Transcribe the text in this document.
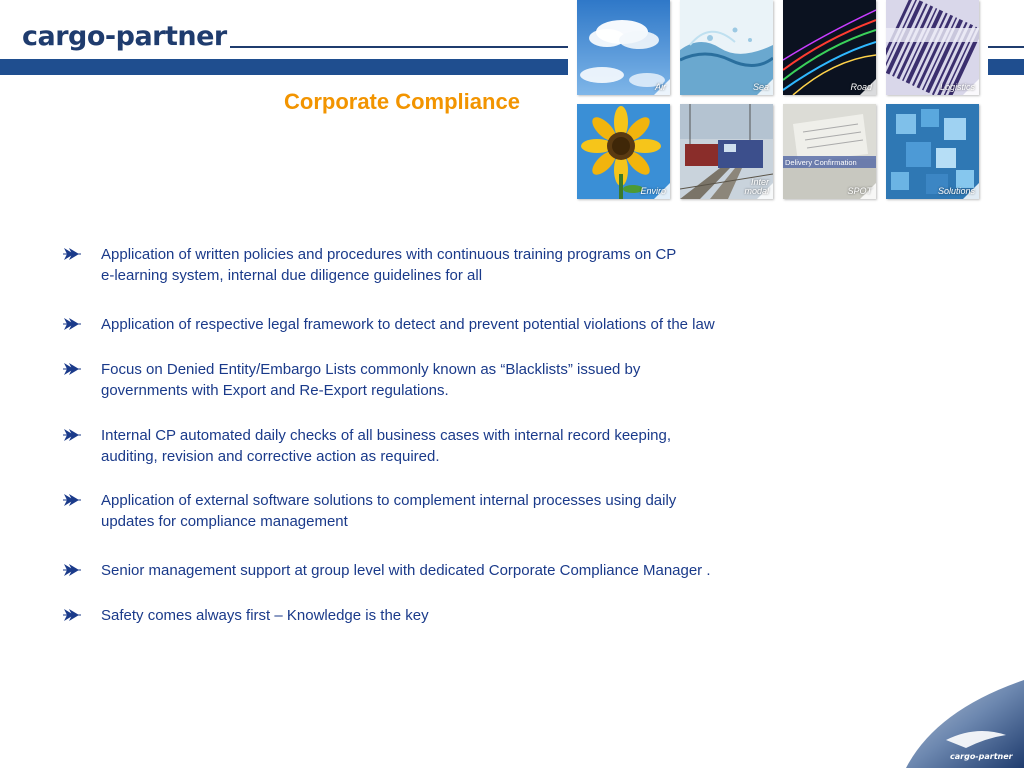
cargo-partner
Corporate Compliance
Air	Sea	Road	Logistics
Enviro
Inter
modal
Delivery Confirmation
SPOT	Solutions
Application of written policies and procedures with continuous training programs on CP
e-learning system, internal due diligence guidelines for all
Application of respective legal framework to detect and prevent potential violations of the law
Focus on Denied Entity/Embargo Lists commonly known as “Blacklists” issued by
governments with Export and Re-Export regulations.
Internal CP automated daily checks of all business cases with internal record keeping,
auditing, revision and corrective action as required.
Application of external software solutions to complement internal processes using daily
updates for compliance management
Senior management support at group level with dedicated Corporate Compliance Manager .
Safety comes always first – Knowledge is the key
cargo-partner
